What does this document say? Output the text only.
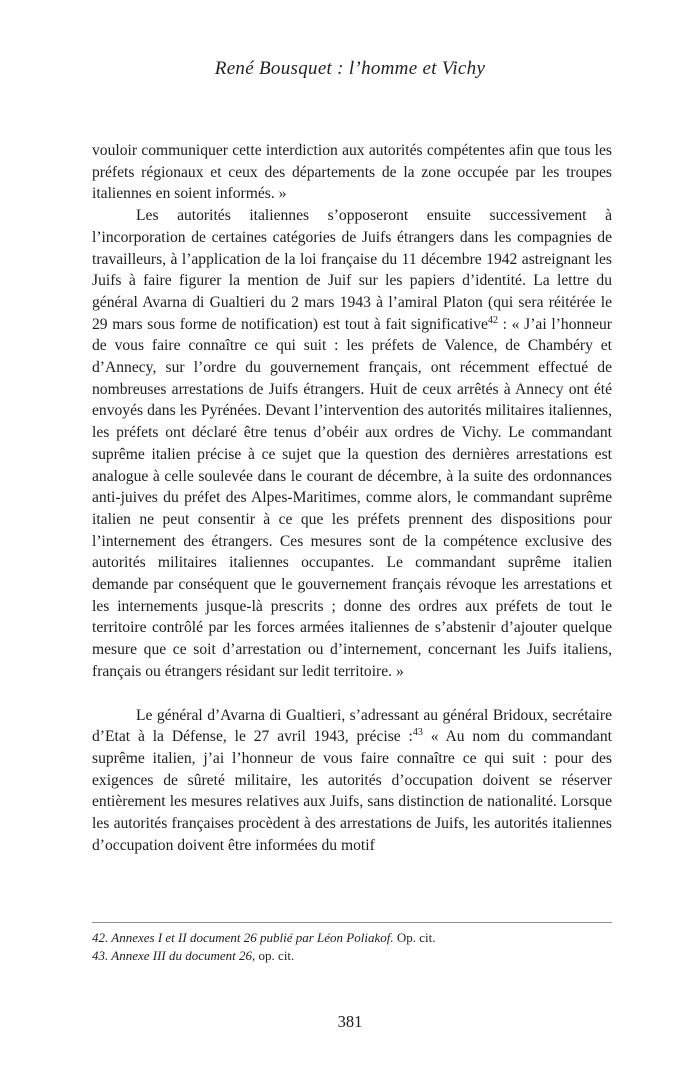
René Bousquet : l’homme et Vichy

vouloir communiquer cette interdiction aux autorités compétentes afin que tous les préfets régionaux et ceux des départements de la zone occupée par les troupes italiennes en soient informés. »

Les autorités italiennes s’opposeront ensuite successivement à l’incorporation de certaines catégories de Juifs étrangers dans les compagnies de travailleurs, à l’application de la loi française du 11 décembre 1942 astreignant les Juifs à faire figurer la mention de Juif sur les papiers d’identité. La lettre du général Avarna di Gualtieri du 2 mars 1943 à l’amiral Platon (qui sera réitérée le 29 mars sous forme de notification) est tout à fait significative$^{42}$ : « J’ai l’honneur de vous faire connaître ce qui suit : les préfets de Valence, de Chambéry et d’Annecy, sur l’ordre du gouvernement français, ont récemment effectué de nombreuses arrestations de Juifs étrangers. Huit de ceux arrêtés à Annecy ont été envoyés dans les Pyrénées. Devant l’intervention des autorités militaires italiennes, les préfets ont déclaré être tenus d’obéir aux ordres de Vichy. Le commandant suprême italien précise à ce sujet que la question des dernières arrestations est analogue à celle soulevée dans le courant de décembre, à la suite des ordonnances anti-juives du préfet des Alpes-Maritimes, comme alors, le commandant suprême italien ne peut consentir à ce que les préfets prennent des dispositions pour l’internement des étrangers. Ces mesures sont de la compétence exclusive des autorités militaires italiennes occupantes. Le commandant suprême italien demande par conséquent que le gouvernement français révoque les arrestations et les internements jusque-là prescrits ; donne des ordres aux préfets de tout le territoire contrôlé par les forces armées italiennes de s’abstenir d’ajouter quelque mesure que ce soit d’arrestation ou d’internement, concernant les Juifs italiens, français ou étrangers résidant sur ledit territoire. »

Le général d’Avarna di Gualtieri, s’adressant au général Bridoux, secrétaire d’Etat à la Défense, le 27 avril 1943, précise :$^{43}$ « Au nom du commandant suprême italien, j’ai l’honneur de vous faire connaître ce qui suit : pour des exigences de sûreté militaire, les autorités d’occupation doivent se réserver entièrement les mesures relatives aux Juifs, sans distinction de nationalité. Lorsque les autorités françaises procèdent à des arrestations de Juifs, les autorités italiennes d’occupation doivent être informées du motif

42. Annexes I et II document 26 publié par Léon Poliakof. Op. cit.
43. Annexe III du document 26, op. cit.
381
